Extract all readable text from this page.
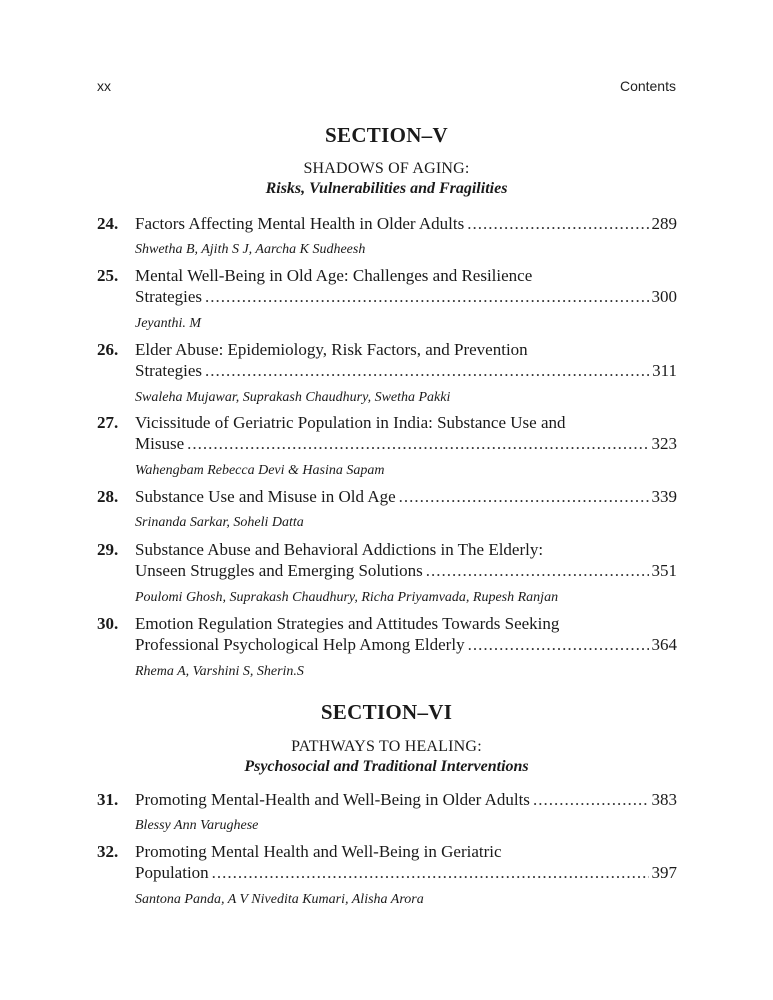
xx	Contents
SECTION–V
SHADOWS OF AGING:
Risks, Vulnerabilities and Fragilities
24. Factors Affecting Mental Health in Older Adults .....	289
Shwetha B, Ajith S J, Aarcha K Sudheesh
25. Mental Well-Being in Old Age: Challenges and Resilience
Strategies .....	300
Jeyanthi. M
26. Elder Abuse: Epidemiology, Risk Factors, and Prevention
Strategies .....	311
Swaleha Mujawar, Suprakash Chaudhury, Swetha Pakki
27. Vicissitude of Geriatric Population in India: Substance Use and
Misuse .....	323
Wahengbam Rebecca Devi & Hasina Sapam
28. Substance Use and Misuse in Old Age .....	339
Srinanda Sarkar, Soheli Datta
29. Substance Abuse and Behavioral Addictions in The Elderly:
Unseen Struggles and Emerging Solutions .....	351
Poulomi Ghosh, Suprakash Chaudhury, Richa Priyamvada, Rupesh Ranjan
30. Emotion Regulation Strategies and Attitudes Towards Seeking
Professional Psychological Help Among Elderly .....	364
Rhema A, Varshini S, Sherin.S
SECTION–VI
PATHWAYS TO HEALING:
Psychosocial and Traditional Interventions
31. Promoting Mental-Health and Well-Being in Older Adults .....	383
Blessy Ann Varughese
32. Promoting Mental Health and Well-Being in Geriatric
Population .....	397
Santona Panda, A V Nivedita Kumari, Alisha Arora
